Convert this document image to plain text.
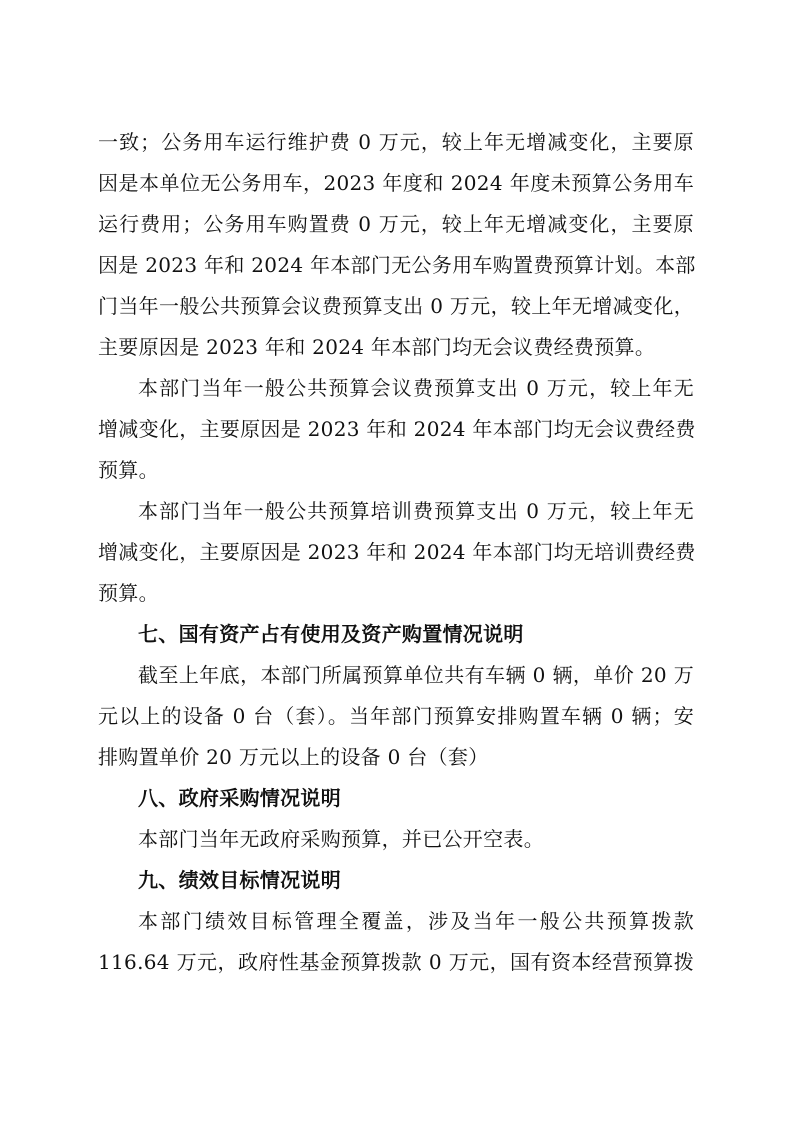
一致；公务用车运行维护费 0 万元，较上年无增减变化，主要原
因是本单位无公务用车，2023 年度和 2024 年度未预算公务用车
运行费用；公务用车购置费 0 万元，较上年无增减变化，主要原
因是 2023 年和 2024 年本部门无公务用车购置费预算计划。本部
门当年一般公共预算会议费预算支出 0 万元，较上年无增减变化，
主要原因是 2023 年和 2024 年本部门均无会议费经费预算。
本部门当年一般公共预算会议费预算支出 0 万元，较上年无
增减变化，主要原因是 2023 年和 2024 年本部门均无会议费经费
预算。
本部门当年一般公共预算培训费预算支出 0 万元，较上年无
增减变化，主要原因是 2023 年和 2024 年本部门均无培训费经费
预算。
七、国有资产占有使用及资产购置情况说明
截至上年底，本部门所属预算单位共有车辆 0 辆，单价 20 万
元以上的设备 0 台（套）。当年部门预算安排购置车辆 0 辆；安
排购置单价 20 万元以上的设备 0 台（套）
八、政府采购情况说明
本部门当年无政府采购预算，并已公开空表。
九、绩效目标情况说明
本部门绩效目标管理全覆盖，涉及当年一般公共预算拨款
116.64 万元，政府性基金预算拨款 0 万元，国有资本经营预算拨
